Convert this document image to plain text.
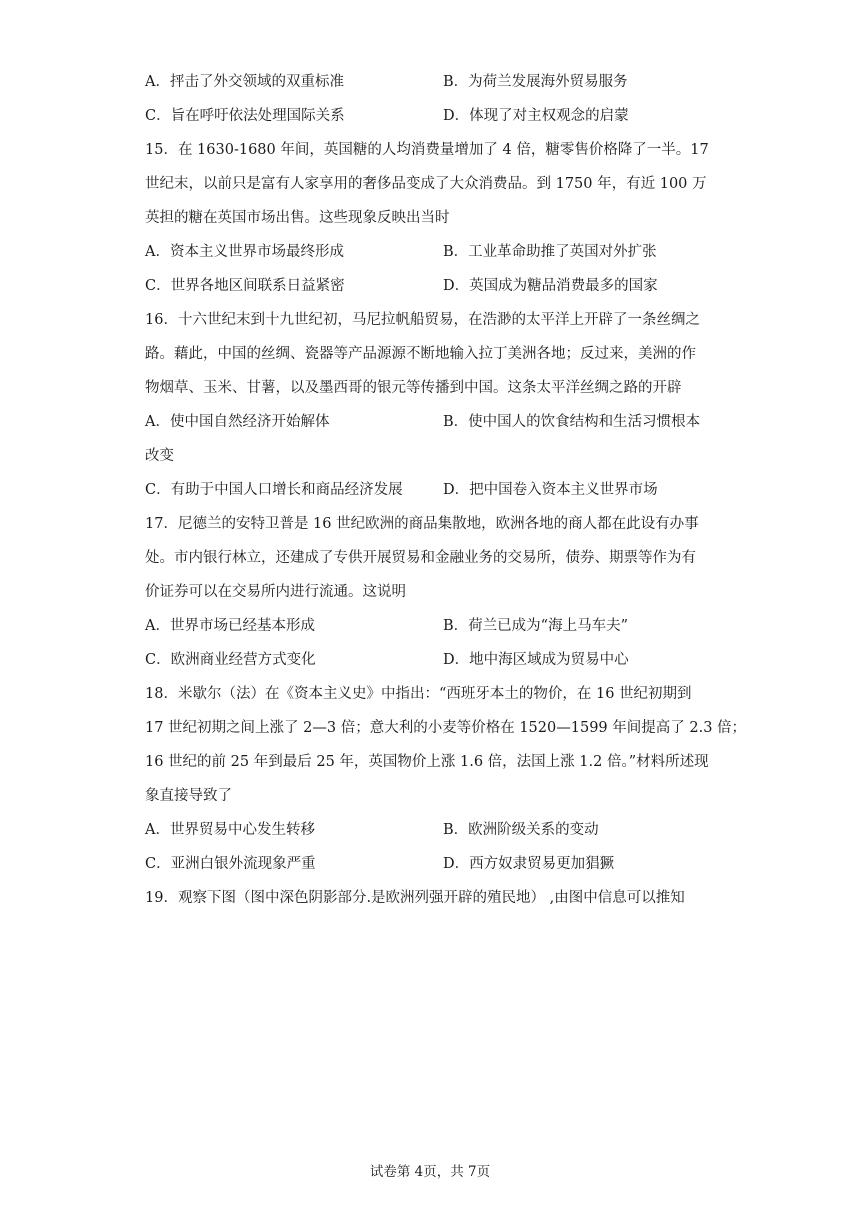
A．抨击了外交领域的双重标准	B．为荷兰发展海外贸易服务
C．旨在呼吁依法处理国际关系	D．体现了对主权观念的启蒙
15．在 1630-1680 年间，英国糖的人均消费量增加了 4 倍，糖零售价格降了一半。17
世纪末，以前只是富有人家享用的奢侈品变成了大众消费品。到 1750 年，有近 100 万
英担的糖在英国市场出售。这些现象反映出当时
A．资本主义世界市场最终形成	B．工业革命助推了英国对外扩张
C．世界各地区间联系日益紧密	D．英国成为糖品消费最多的国家
16．十六世纪末到十九世纪初，马尼拉帆船贸易，在浩渺的太平洋上开辟了一条丝绸之
路。藉此，中国的丝绸、瓷器等产品源源不断地输入拉丁美洲各地；反过来，美洲的作
物烟草、玉米、甘薯，以及墨西哥的银元等传播到中国。这条太平洋丝绸之路的开辟
A．使中国自然经济开始解体	B．使中国人的饮食结构和生活习惯根本
改变
C．有助于中国人口增长和商品经济发展	D．把中国卷入资本主义世界市场
17．尼德兰的安特卫普是 16 世纪欧洲的商品集散地，欧洲各地的商人都在此设有办事
处。市内银行林立，还建成了专供开展贸易和金融业务的交易所，债券、期票等作为有
价证券可以在交易所内进行流通。这说明
A．世界市场已经基本形成	B．荷兰已成为“海上马车夫”
C．欧洲商业经营方式变化	D．地中海区域成为贸易中心
18．米歇尔（法）在《资本主义史》中指出：“西班牙本土的物价，在 16 世纪初期到
17 世纪初期之间上涨了 2—3 倍；意大利的小麦等价格在 1520—1599 年间提高了 2.3 倍；
16 世纪的前 25 年到最后 25 年，英国物价上涨 1.6 倍，法国上涨 1.2 倍。”材料所述现
象直接导致了
A．世界贸易中心发生转移	B．欧洲阶级关系的变动
C．亚洲白银外流现象严重	D．西方奴隶贸易更加猖獗
19．观察下图（图中深色阴影部分.是欧洲列强开辟的殖民地） ,由图中信息可以推知
试卷第 4页，共 7页
